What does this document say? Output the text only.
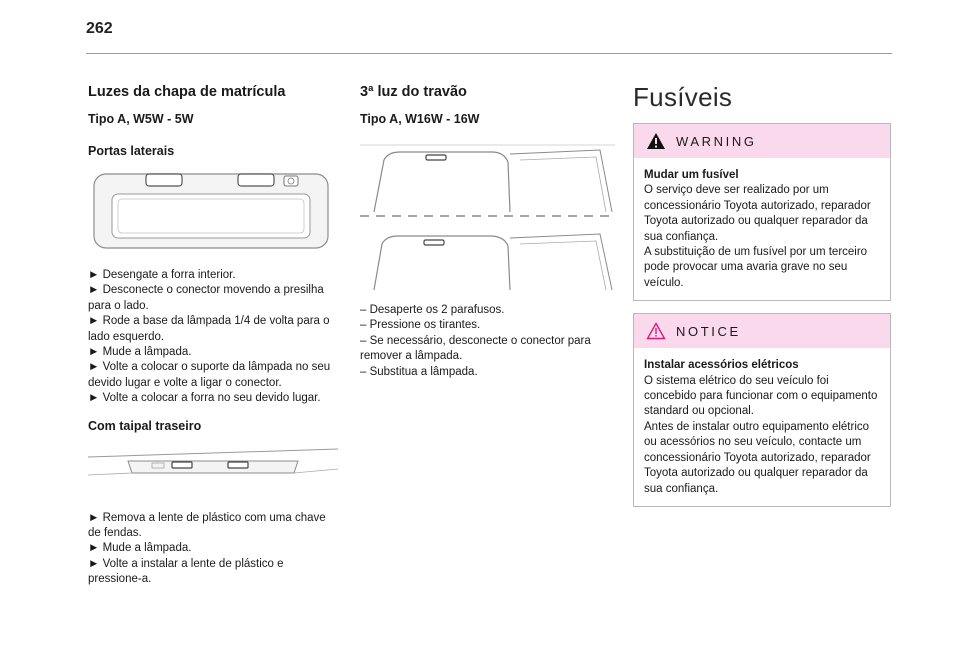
262
Luzes da chapa de matrícula
Tipo A, W5W - 5W
Portas laterais

► Desengate a forra interior.

► Desconecte o conector movendo a presilha para o lado.

► Rode a base da lâmpada 1/4 de volta para o lado esquerdo.

► Mude a lâmpada.

► Volte a colocar o suporte da lâmpada no seu devido lugar e volte a ligar o conector.

► Volte a colocar a forra no seu devido lugar.

Com taipal traseiro

► Remova a lente de plástico com uma chave de fendas.

► Mude a lâmpada.

► Volte a instalar a lente de plástico e pressione-a.

3ª luz do travão
Tipo A, W16W - 16W

– Desaperte os 2 parafusos.

– Pressione os tirantes.

– Se necessário, desconecte o conector para remover a lâmpada.

– Substitua a lâmpada.

Fusíveis
WARNING

Mudar um fusível

O serviço deve ser realizado por um concessionário Toyota autorizado, reparador Toyota autorizado ou qualquer reparador da sua confiança.

A substituição de um fusível por um terceiro pode provocar uma avaria grave no seu veículo.

NOTICE

Instalar acessórios elétricos

O sistema elétrico do seu veículo foi concebido para funcionar com o equipamento standard ou opcional.

Antes de instalar outro equipamento elétrico ou acessórios no seu veículo, contacte um concessionário Toyota autorizado, reparador Toyota autorizado ou qualquer reparador da sua confiança.
